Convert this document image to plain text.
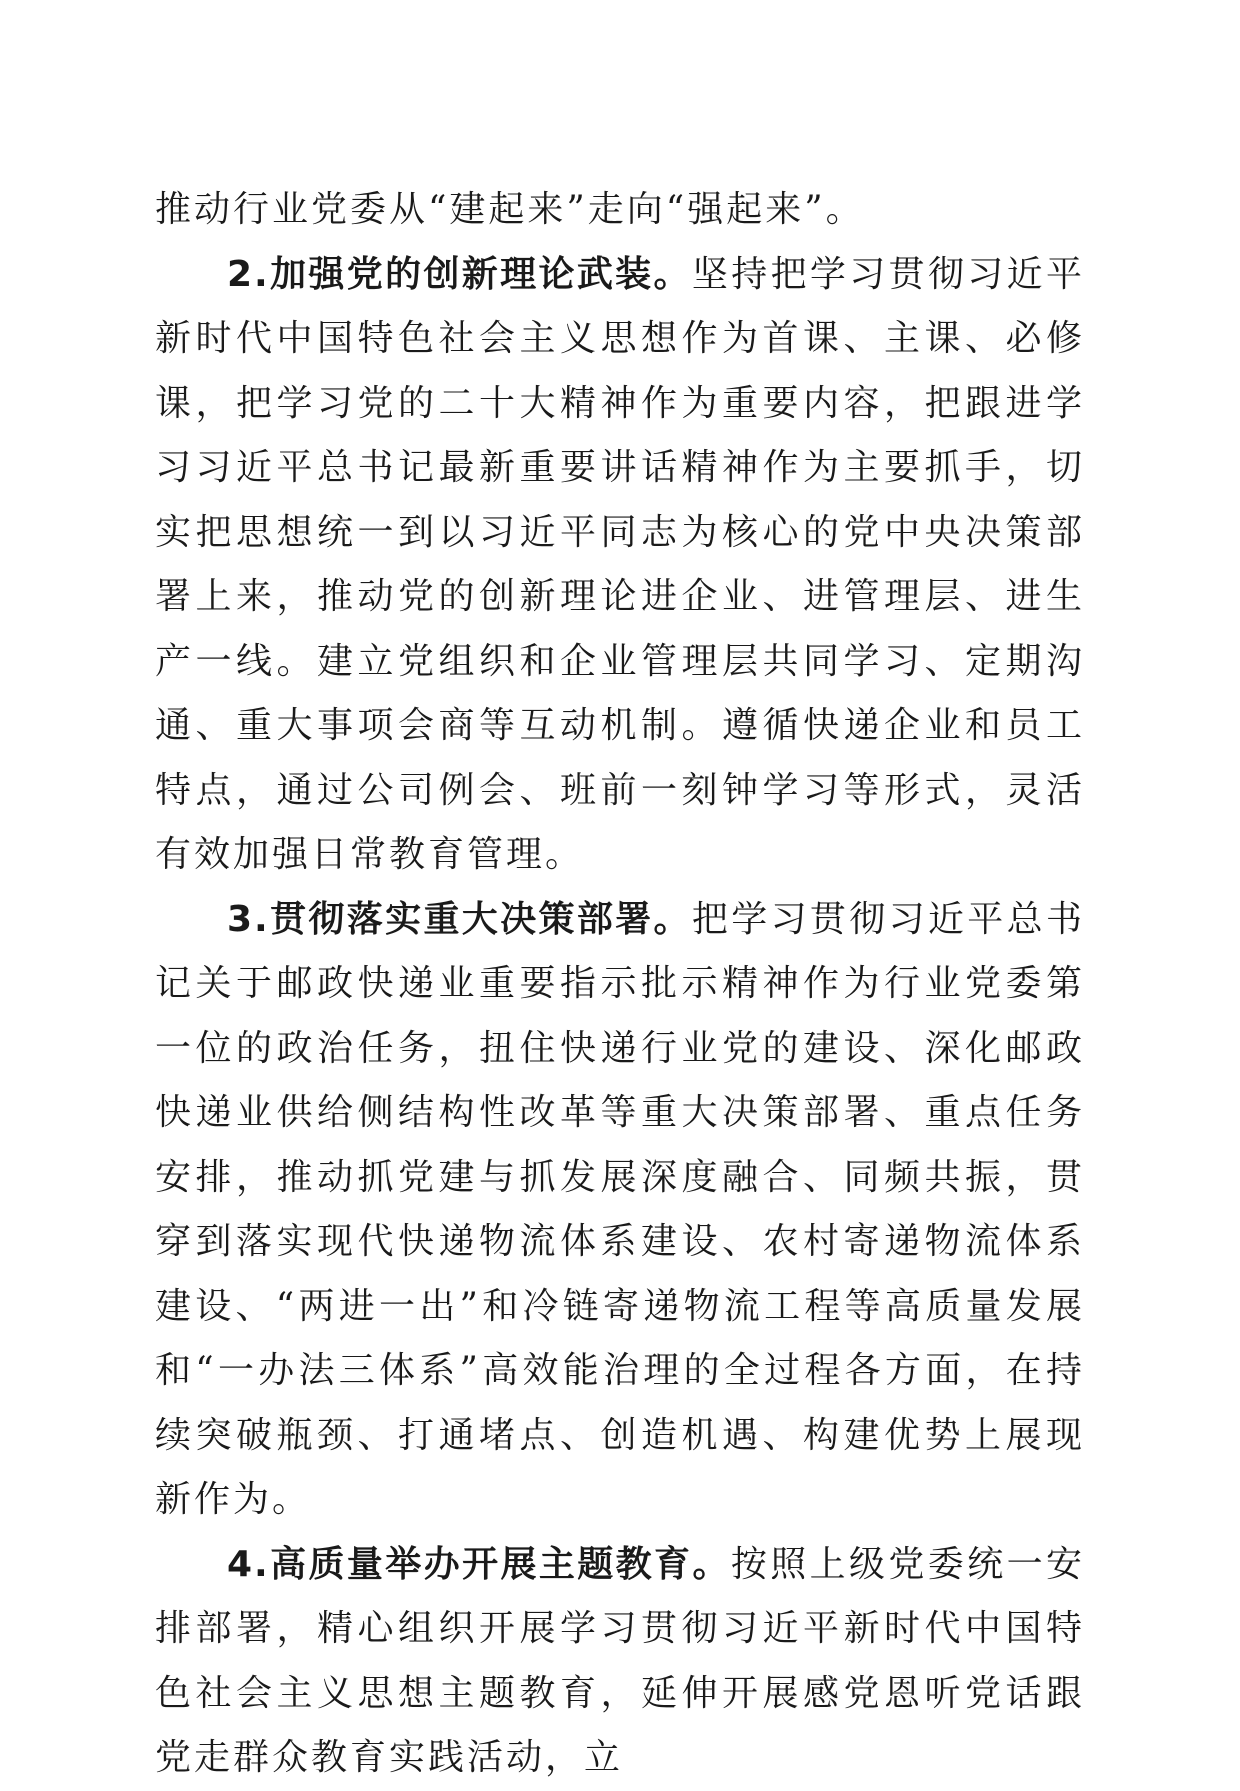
推动行业党委从“建起来”走向“强起来”。

2.加强党的创新理论武装。坚持把学习贯彻习近平新时代中国特色社会主义思想作为首课、主课、必修课，把学习党的二十大精神作为重要内容，把跟进学习习近平总书记最新重要讲话精神作为主要抓手，切实把思想统一到以习近平同志为核心的党中央决策部署上来，推动党的创新理论进企业、进管理层、进生产一线。建立党组织和企业管理层共同学习、定期沟通、重大事项会商等互动机制。遵循快递企业和员工特点，通过公司例会、班前一刻钟学习等形式，灵活有效加强日常教育管理。

3.贯彻落实重大决策部署。把学习贯彻习近平总书记关于邮政快递业重要指示批示精神作为行业党委第一位的政治任务，扭住快递行业党的建设、深化邮政快递业供给侧结构性改革等重大决策部署、重点任务安排，推动抓党建与抓发展深度融合、同频共振，贯穿到落实现代快递物流体系建设、农村寄递物流体系建设、“两进一出”和冷链寄递物流工程等高质量发展和“一办法三体系”高效能治理的全过程各方面，在持续突破瓶颈、打通堵点、创造机遇、构建优势上展现新作为。

4.高质量举办开展主题教育。按照上级党委统一安排部署，精心组织开展学习贯彻习近平新时代中国特色社会主义思想主题教育，延伸开展感党恩听党话跟党走群众教育实践活动，立
